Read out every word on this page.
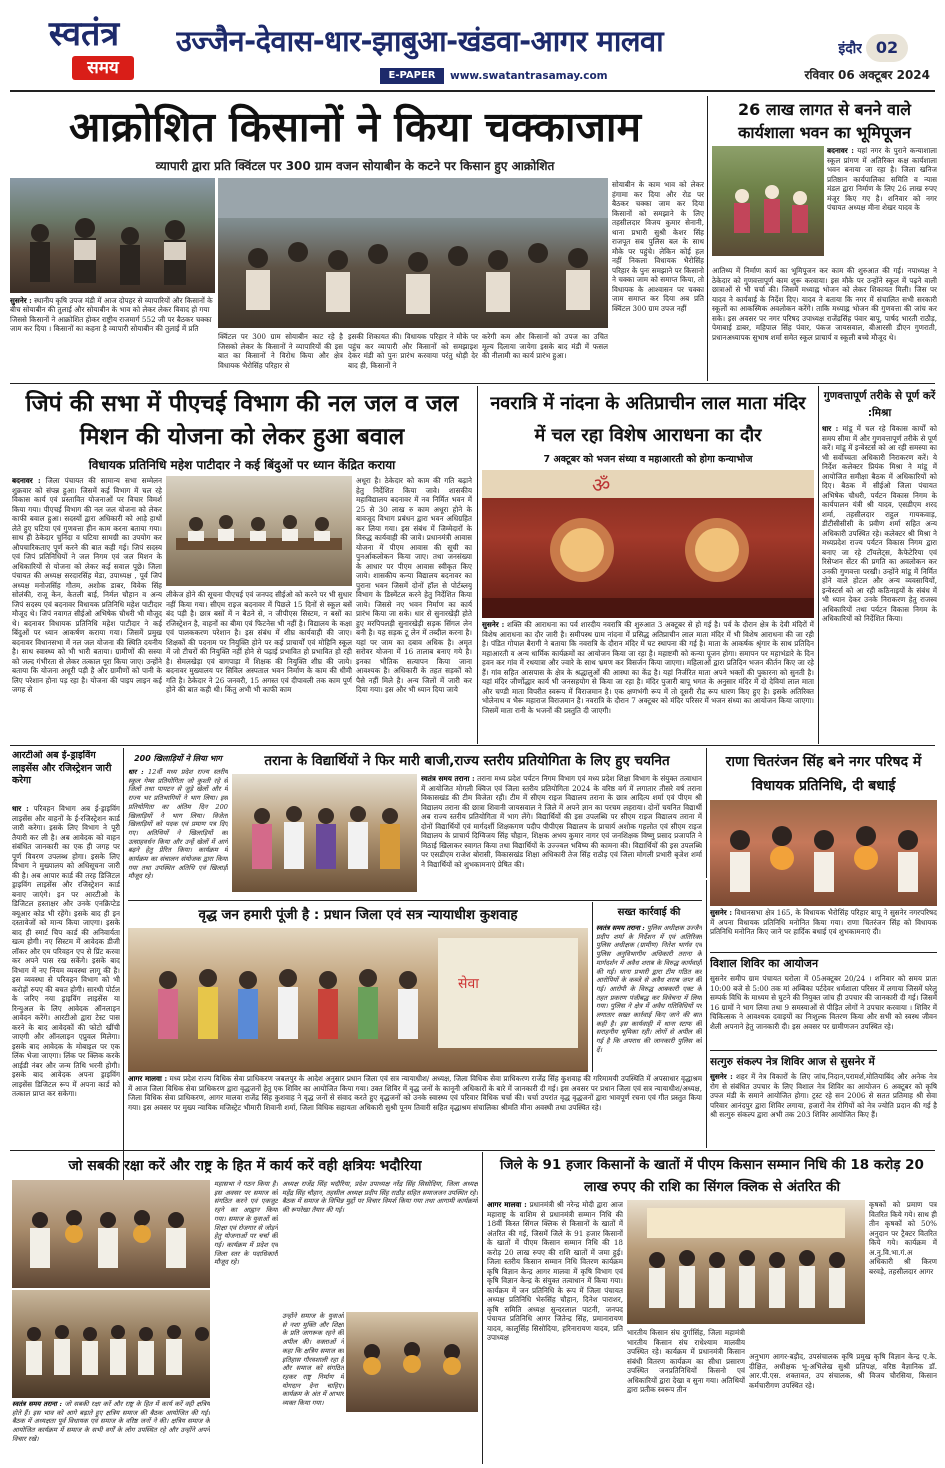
स्वतंत्र
समय
उज्जैन-देवास-धार-झाबुआ-खंडवा-आगर मालवा	इंदौर 02
E-PAPER	www.swatantrasamay.com	रविवार 06 अक्टूबर 2024
आक्रोशित किसानों ने किया चक्काजाम
व्यापारी द्वारा प्रति क्विंटल पर 300 ग्राम वजन सोयाबीन के कटने पर किसान हुए आक्रोशित
सोयाबीन के काम भाव को लेकर हंगामा कर दिया और रोड पर बैठकर चक्का जाम कर दिया किसानों को समझाने के लिए तहसीलदार विजय कुमार सेनानी, थाना प्रभारी सुश्री केशर सिंह राजपूत सब पुलिस बल के साथ मौके पर पहुंचे। लेकिन कोई हल नहीं निकला विधायक भैरोसिंह परिहार के पुनः समझाने पर किसानो ने चक्का जाम को समाप्त किया, तो विधायक के आश्वासन पर चक्का जाम समाप्त कर दिया अब प्रति क्विंटल 300 ग्राम उपज नहीं
सुसनेर : स्थानीय कृषि उपज मंडी में आज दोपहर से व्यापारियों और किसानों के बीच सोयाबीन की तुलाई और सोयाबीन के भाव को लेकर लेकर विवाद हो गया जिससे किसानों ने आक्रोशित होकर राष्ट्रीय राजमार्ग 552 जी पर बैठकर चक्का जाम कर दिया । किसानों का कहना है व्यापारी सोयाबीन की तुलाई में प्रति
क्विंटल पर 300 ग्राम सोयाबीन काट रहे है जिसको लेकर के किसानों ने व्यापारियों की इस बात का किसानों ने विरोध किया और क्षेत्र विधायक भैरोसिंह परिहार से
इसकी शिकायत की। विधायक परिहार ने मौके पर पहुंच कर व्यापारी और किसानों को समझाइश देकर मंडी को पुनः प्रारंभ करवाया परंतु थोड़ी देर बाद ही, किसानों ने
करेगी कम और किसानों को उपज का उचित मूल्य दिलाया जायेगा इसके बाद मंडी में फसल की नीलामी का कार्य प्रारंभ हुआ।
26 लाख लागत से बनने वाले कार्यशाला भवन का भूमिपूजन
बदनावर : यहां नगर के पुराने कन्याशाला स्कूल प्रांगण में अतिरिक्त कक्ष कार्यशाला भवन बनाया जा रहा है। जिला खनिज प्रतिष्ठान कार्यपालिका समिति व न्यास मंडल द्वारा निर्माण के लिए 26 लाख रुपए मंजूर किए गए है। शनिवार को नगर पंचायत अध्यक्ष मीना शेखर यादव के
आतिथ्य में निर्माण कार्य का भूमिपूजन कर काम की शुरुआत की गई। नपाध्यक्ष ने ठेकेदार को गुणवत्तापूर्ण काम शुरू करवाया। इस मौके पर उन्होंने स्कूल में पढ़ने वाली छात्राओं से भी चर्चा की। जिसमें मध्याह्न भोजन को लेकर शिकायत मिली। जिस पर यादव ने कार्यवाई के निर्देश दिए। यादव ने बताया कि नगर में संचालित सभी सरकारी स्कूलों का आकस्मिक अवलोकन करेंगे। ताकि मध्याह्न भोजन की गुणवत्ता की जांच कर सके। इस अवसर पर नगर परिषद उपाध्यक्ष राजेंद्रसिंह पंवार बापू, पार्षद भारती राठौड़, पेमाबाई डाबर, महिपाल सिंह पंवार, पंकज जायसवाल, बीआरसी डीएन गुणराती, प्रधानअध्यापक सुभाष शर्मा समेत स्कूल प्राचार्य व स्कूली बच्चे मौजूद थे।
जिपं की सभा में पीएचई विभाग की नल जल व जल मिशन की योजना को लेकर हुआ बवाल
विधायक प्रतिनिधि महेश पाटीदार ने कई बिंदुओं पर ध्यान केंद्रित कराया
बदनावर : जिला पंचायत की सामान्य सभा सम्मेलन शुक्रवार को संपन्न हुआ। जिसमें कई विभाग में चल रहे विकास कार्य एवं प्रस्तावित योजनाओं पर विचार विमर्श किया गया। पीएचई विभाग की नल जल योजना को लेकर काफी बवाल हुआ। सदस्यों द्वारा अधिकारी को आड़े हाथों लेते हुए घटिया एवं गुणवत्ता हीन काम करना बताया गया। साथ ही ठेकेदार चुनिंदा व घटिया सामग्री का उपयोग कर औपचारिकताए पूर्ण करने की बात कही गई। जिपं सदस्य एवं जिपं प्रतिनिधियों ने जल निगम एवं जल मिशन के अधिकारियों से योजना को लेकर कई सवाल पूछे। जिला पंचायत की अध्यक्ष सरदारसिंह मेडा, उपाध्यक्ष , पूर्व जिपं अध्यक्ष मनोजसिंह गौतम, अशोक डाबर, विवेक सिंह सोलंकी, राजू केन, केतली बाई, निर्मल चौहान व अन्य जिपं सदस्य एवं बदनावर विधायक प्रतिनिधि महेश पाटीदार मौजूद थे। जिपं नवागत सीईओ अभिषेक चौधरी भी मौजूद थे। बदनावर विधायक प्रतिनिधि महेश पाटीदार ने कई बिंदुओं पर ध्यान आकर्षण कराया गया। जिसमें प्रमुख बदनावर विधानसभा में नल जल योजना की स्थिति दयनीय है। साथ स्वास्थ्य को भी भारी बताया। ग्रामीणों की सस्या को जल्द गंभीरता से लेकर तत्काल पूरा किया जाए। उन्होंने बताया कि योजना अधूरी पड़ी है और ग्रामीणों को पानी के लिए परेशान होना पड़ रहा है। योजना की पाइप लाइन कई जगह से
अधूरा है। ठेकेदार को काम की गति बढ़ाने हेतु निर्देशित किया जावे। शासकीय महाविद्यालय बदनावर में नव निर्मित भवन में 25 से 30 लाख रु काम अधूरा होने के बावजूद विभाग प्रबंधन द्वारा भवन अधिग्रहित कर लिया गया। इस संबंध में जिम्मेदारों के विरुद्ध कार्यवाही की जावे। प्रधानमंत्री आवास योजना में पीएम आवास की सूची का पुनर्आकलोकन किया जाए। तथा जनसंख्या के आधार पर पीएम आवास स्वीकृत किए जाये। शासकीय कन्या विद्यालय बदनावर का पुराना भवन जिसमें दोनों हॉल से पोर्टब्लयू विभाग के डिस्मेंटल करने हेतु निर्देशित किया जाये। जिससे नए भवन निर्माण का कार्य प्रारंभ किया जा सके। धार से सुनारखेड़ी होते हुए मरपिपलड़ी सुनारखेड़ी सड़क सिंगल लेन बनी है। यह सड़क टू लेन में तब्दील करना है। यहां पर जाम का दबाव अधिक है। अमृत सरोवर योजना में 16 तालाब बनाए गये है। इनका भौतिक सत्यापन किया जाना आवश्यक है। अधिकारी के तहत सड़कों को पैसे नहीं मिले है। अन्य जिलों में जारी कर दिया गया। इस और भी ध्यान दिया जाये
लीकेज होने की सूचना पीएचई एवं जनपद सीईओ को करने पर भी सुधार नहीं किया गया। सीएम राइज बदनावर में पिछले 15 दिनों से स्कूल बसें बंद पड़ी है। छात्र बसों में न बैठने से, न जीपीएस सिस्टम, न बसों का रजिस्ट्रेशन है, वाहनों का बीमा एवं फिटनेस भी नहीं है। विद्यालय के कक्षा एवं पालककरण परेशान है। इस संबंध में शीघ्र कार्यवाही की जाए। शिक्षकों की पदनाम पर नियुक्ति होने पर कई प्राचार्यों एवं मोहिनि स्कूल में जो टीचरों की नियुक्ति नहीं होने से पढ़ाई प्रभावित हो प्रभावित हो रही है। सेमलखेड़ा एवं बागपाड़ा में शिक्षक की नियुक्ति शीघ्र की जाये। बदनावर मुख्यालय पर सिविल अस्पताल भवन निर्माण के काम की धीमी गति है। ठेकेदार ने 26 जनवरी, 15 अगस्त एवं दीपावली तक काम पूर्ण होने की बात कही थी। किंतु अभी भी काफी काम
नवरात्रि में नांदना के अतिप्राचीन लाल माता मंदिर में चल रहा विशेष आराधना का दौर
7 अक्टूबर को भजन संध्या व महाआरती को होगा कन्याभोज
ॐ
सुसनेर : शक्ति की आराधना का पर्व शारदीय नवरात्रि की शुरुआत 3 अक्टूबर से हो गई है। पर्व के दौरान क्षेत्र के देवी मंदिरों में विशेष आराधना का दौर जारी है। समीपस्थ ग्राम नांदना में प्रसिद्ध अतिप्राचीन लाल माता मंदिर में भी विशेष आराधना की जा रही है। पंडित गोपाल बैरागी ने बताया कि नवरात्रि के दौरान मंदिर में घट स्थापना की गई है। माता के आकर्षक श्रृंगार के साथ प्रतिदिन महाआरती व अन्य धार्मिक कार्यक्रमों का आयोजन किया जा रहा है। महाष्टमी को कन्या पूजन होगा। समापन पर महाभंडारे के दिन हवन कर गांव में रथयात्रा और ज्वारे के साथ भ्रमण कर विसर्जन किया जाएगा। महिलाओं द्वारा प्रतिदिन भजन कीर्तन किए जा रहे हैं। गांव सहित आसपास के क्षेत्र के श्रद्धालुओं की आस्था का केंद्र है। यहां निर्जरित माता अपने भक्तों की पुकारना को सुनती है। यहां मंदिर जीर्णोद्धार कार्य भी जनसहयोग से किया जा रहा है। मंदिर पुजारी बापू भगत के अनुसार मंदिर में दो देवियां लाल माता और चण्डी माता विपरीत स्वरूप में विराजमान है। एक क्षणभंगी रूप में तो दूसरी रौद्र रूप धारण किए हुए है। इसके अतिरिक्त भोलेनाथ व भैरू महाराज विराजमान है। नवरात्रि के दौरान 7 अक्टूबर को मंदिर परिसर में भजन संध्या का आयोजन किया जाएगा। जिसमें माता रानी के भजनों की प्रस्तुति दी जाएगी।
गुणवत्तापूर्ण तरीके से पूर्ण करें :मिश्रा
धार : मांडू में चल रहे विकास कार्यों को समय सीमा में और गुणवत्तापूर्ण तरीके से पूर्ण करें। मांडू में इन्वेस्टर्स को आ रही समस्या का भी सर्वोच्चता अधिकारी निराकरण करें। ये निर्देश कलेक्टर प्रियंक मिश्रा ने मांडू में आयोजित समीक्षा बैठक में अधिकारियों को दिए। बैठक में सीईओ जिला पंचायत अभिषेक चौधरी, पर्यटन विकास निगम के कार्यपालन यंत्री श्री यादव, एसडीएम शरद शर्मा, तहसीलदार राहुल गायकवाड़, डीटीसीसीसी के प्रवीण शर्मा सहित अन्य अधिकारी उपस्थित रहे। कलेक्टर श्री मिश्रा ने मध्यप्रदेश राज्य पर्यटन विकास निगम द्वारा बनाए जा रहे टॉयलेट्स, कैफेटेरिया एवं रिसेप्शन सेंटर की प्रगति का अवलोकन कर उनकी गुणवत्ता परखी। उन्होंने मांडू में निर्मित होने वाले होटल और अन्य व्यवसायियों, इन्वेस्टर्स को आ रही कठिनाइयों के संबंध में भी ध्यान देकर उनके निराकरण हेतु राजस्व अधिकारियों तथा पर्यटन विकास निगम के अधिकारियों को निर्देशित किया।
आरटीओ अब ई-ड्राइविंग लाइसेंस और रजिस्ट्रेशन जारी करेगा
धार : परिवहन विभाग अब ई-ड्राइविंग लाइसेंस और वाहनों के ई-रजिस्ट्रेशन कार्ड जारी करेगा। इसके लिए विभाग ने पूरी तैयारी कर ली है। अब आवेदक को वाहन संबंधित जानकारी का एक ही जगह पर पूर्ण विवरण उपलब्ध होगा। इसके लिए विभाग ने मुख्यालय को अधिसूचना जारी की है। अब आपार कार्ड की तरह डिजिटल ड्राइविंग लाइसेंस और रजिस्ट्रेशन कार्ड बनाए जाएंगे। इन पर आरटीओ के डिजिटल हस्ताक्षर और उनके एनक्रिप्टेड क्यूआर कोड भी रहेंगे। इसके बाद ही इन दस्तावेजों को मान्य किया जाएगा। इसके बाद ही स्मार्ट चिप कार्ड की अनिवार्यता खत्म होगी। नए सिस्टम में आवेदक डीजी लॉकर और एम परिवहन एप से प्रिंट करवा कर अपने पास रख सकेंगे। इसके बाद विभाग में नए नियम व्यवस्था लागू की है। इस व्यवस्था से परिवहन विभाग को भी करोड़ों रुपए की बचत होगी। सारथी पोर्टल के जरिए नया ड्राइविंग लाइसेंस या रिन्युअल के लिए आवेदक ऑनलाइन आवेदन करेंगे। आरटीओ द्वारा टेस्ट पास करने के बाद आवेदकों की फोटो खींची जाएगी और ऑनलाइन एप्रुवल मिलेगा। इसके बाद आवेदक के मोबाइल पर एक लिंक भेजा जाएगा। लिंक पर क्लिक करके आईडी नंबर और जन्म तिथि भरनी होगी। इसके बाद आवेदक अपना ड्राइविंग लाइसेंस डिजिटल रूप में अपना कार्ड को तत्काल प्राप्त कर सकेगा।
200 खिलाड़ियों ने लिया भाग
धार : 12वीं मध्य प्रदेश राज्य स्तरीय स्कूल गेम्स प्रतियोगिता जो कुश्ती रहे से जिलों तथा पायटन से जुड़े खेलों और में राज्य भर प्रतिभागियों ने भाग लिया। इस प्रतियोगिता का अंतिम दिन 200 खिलाड़ियों ने भाग लिया। विजेता खिलाड़ियों को पदक एवं प्रमाण पत्र दिए गए। अतिथियों ने खिलाड़ियों का उत्साहवर्धन किया और उन्हें खेलों में आगे बढ़ने हेतु प्रेरित किया। कार्यक्रम में कार्यक्रम का संचालन संयोजक द्वारा किया गया तथा उपस्थित अतिथि एवं खिलाड़ी मौजूद रहे।
तराना के विद्यार्थियों ने फिर मारी बाजी,राज्य स्तरीय प्रतियोगिता के लिए हुए चयनित
स्वतंत्र समय तराना : तराना मध्य प्रदेश पर्यटन निगम विभाग एवं मध्य प्रदेश शिक्षा विभाग के संयुक्त तत्वाधान में आयोजित मोगली क्विज एवं जिला स्तरीय प्रतियोगिता 2024 के वरिष्ठ वर्ग में लगातार तीसरे वर्ष तराना विकासखंड की टीम विजेता रही। टीम में सीएम राइज विद्यालय तराना के छात्र आदित्य शर्मा एवं पीएम श्री विद्यालय तराना की छात्रा शिवानी जायसवाल ने जिले में अपने ज्ञान का परचम लहराया। दोनों चयनित विद्यार्थी अब राज्य स्तरीय प्रतियोगिता में भाग लेंगे। विद्यार्थियों की इस उपलब्धि पर सीएम राइज विद्यालय तराना में दोनों विद्यार्थियों एवं मार्गदर्शी शिक्षकगण पदीप पीपीएस विद्यालय के प्राचार्य अशोक गहलोत एवं सीएम राइज विद्यालय के प्राचार्य दिग्विजय सिंह चौहान, शिक्षक अभय कुमार नागर एवं जनशिक्षक विष्णु प्रसाद प्रजापति ने मिठाई खिलाकर स्वागत किया तथा विद्यार्थियों के उज्ज्वल भविष्य की कामना की। विद्यार्थियों की इस उपलब्धि पर एसडीएम राजेश बोरासी, विकासखंड शिक्षा अधिकारी तेज सिंह राठौड़ एवं जिला मोगली प्रभारी बृजेश शर्मा ने विद्यार्थियों को शुभकामनाएं प्रेषित की।
राणा चितरंजन सिंह बने नगर परिषद में विधायक प्रतिनिधि, दी बधाई
सुसनेर : विधानसभा क्षेत्र 165, के विधायक भैरोसिंह परिहार बापू ने सुसनेर नगरपरिषद में अपना विधायक प्रतिनिधि मनोनित किया गया। राणा चितरंजन सिंह को विधायक प्रतिनिधि मनोनित किए जाने पर हार्दिक बधाई एवं शुभकामनाएं दी।
विशाल शिविर का आयोजन
सुसनेर समीप ग्राम पंचायत घरोला में 05अक्टूबर 20/24 । शनिवार को समय प्रातः 10:00 बजे से 5:00 तक मां अम्बिका पर्टदेवर धर्मशाला परिसर में लगाया जिसमें घरेलु सम्पर्क विधि के माध्यम से घुटने की नियुक्त जांच ही उपचार की जानकारी दी गई। जिसमें 16 ग्रामों ने भाग लिया तथा 9 समस्याओं से पीड़ित लोगों ने उपचार करवाया । शिविर में चिकित्सक ने आवश्यक दवाइयों का निःशुल्क वितरण किया और सभी को स्वस्थ जीवन शैली अपनाने हेतु जानकारी दी। इस अवसर पर ग्रामीणजन उपस्थित रहे।
सत्गुरु संकल्प नेत्र शिविर आज से सुसनेर में
सुसनेर : शहर में नेत्र विकारों के लिए जांच,निदान,परामर्श,मोतियाबिंद और अनेक नेत्र रोग से संबंधित उपचार के लिए विशाल नेत्र शिविर का आयोजन 6 अक्टूबर को कृषि उपज मंडी के समाने आयोजित होगा। ट्रस्ट रहे सन 2006 से सतत प्रतिमाह श्री सेवा परिवार आनंदपुर द्वारा शिविर लगाया, हजारों नेत्र रोगियों को नेत्र ज्योति प्रदान की गई है श्री सत्गुरु संकल्प द्वारा अभी तक 203 शिविर आयोजित किए हैं।
वृद्ध जन हमारी पूंजी है : प्रधान जिला एवं सत्र न्यायाधीश कुशवाह
सेवा
आगर मालवा : मध्य प्रदेश राज्य विधिक सेवा प्राधिकरण जबलपुर के आदेश अनुसार प्रधान जिला एवं सत्र न्यायाधीश/ अध्यक्ष, जिला विधिक सेवा प्राधिकरण राजेंद्र सिंह कुशवाह की गरिमामयी उपस्थिति में अपसाधार वृद्धाश्रम में आज जिला विधिक सेवा प्राधिकरण द्वारा वृद्धजनों हेतु एक शिविर का आयोजित किया गया। उक्त शिविर में वृद्ध जनों के कानूनी अधिकारों के बारे में जानकारी दी गई। इस अवसर पर प्रधान जिला एवं सत्र न्यायाधीश/अध्यक्ष, जिला विधिक सेवा प्राधिकरण, आगर मालवा राजेंद्र सिंह कुशवाह ने वृद्ध जनों से संवाद करते हुए वृद्धजनों को उनके स्वास्थ्य एवं परिवार विधिक चर्चा की। चर्चा उपरांत वृद्ध वृद्धजनों द्वारा भावपूर्ण रचना एवं गीत प्रस्तुत किया गया। इस अवसर पर मुख्य न्यायिक मजिस्ट्रेट भीमारी शिवानी शर्मा, जिला विधिक सहायता अधिकारी सुश्री पूनम तिवारी सहित वृद्धाश्रम संचालिका श्रीमति मीना अवस्थी तथा उपस्थित रहे।
सख्त कार्रवाई की
स्वतंत्र समय तराना : पुलिस अधीक्षक उज्जैन प्रदीप शर्मा के निर्देशन में एवं अतिरिक्त पुलिस अधीक्षक (ग्रामीण) नितेश भार्गव एवं पुलिस अनुविभागीय अधिकारी तराना के मार्गदर्शन में अवैध शराब के विरुद्ध कार्यवाही की गई। थाना प्रभारी द्वारा टीम गठित कर आरोपियों के कब्जे से अवैध शराब जप्त की गई। आरोपी के विरुद्ध आबकारी एक्ट के तहत प्रकरण पंजीबद्ध कर विवेचना में लिया गया। पुलिस ने क्षेत्र में अवैध गतिविधियों पर लगातार सख्त कार्रवाई किए जाने की बात कही है। इस कार्यवाही में थाना स्टाफ की सराहनीय भूमिका रही। लोगों से अपील की गई है कि अपराध की जानकारी पुलिस को दें।
जो सबकी रक्षा करें और राष्ट्र के हित में कार्य करें वही क्षत्रियः भदौरिया
स्वतंत्र समय तराना : जो सबकी रक्षा करें और राष्ट्र के हित में कार्य करें वही क्षत्रिय होते हैं। इस भाव को आगे बढ़ाते हुए क्षत्रिय समाज की बैठक आयोजित की गई। बैठक में अध्यक्षता पूर्व विधायक एवं समाज के वरिष्ठ जनों ने की। क्षत्रिय समाज के आयोजित कार्यक्रम में समाज के सभी वर्गों के लोग उपस्थित रहे और उन्होंने अपने विचार रखे।
महासभा ने गठन किया है। इस अवसर पर समाज को संगठित करने एवं एकजुट रहने का आह्वान किया गया। समाज के युवाओं को शिक्षा एवं रोजगार से जोड़ने हेतु योजनाओं पर चर्चा की गई। कार्यक्रम में प्रदेश एवं जिला स्तर के पदाधिकारी मौजूद रहे।
अध्यक्ष राजेंद्र सिंह भदौरिया, प्रदेश उपाध्यक्ष नरेंद्र सिंह सिसोदिया, जिला अध्यक्ष महेंद्र सिंह चौहान, तहसील अध्यक्ष प्रदीप सिंह राठौड़ सहित समाजजन उपस्थित रहे। बैठक में समाज के विभिन्न मुद्दों पर विचार विमर्श किया गया तथा आगामी कार्यक्रमों की रूपरेखा तैयार की गई।
उन्होंने समाज के युवाओं से नशा मुक्ति और शिक्षा के प्रति जागरूक रहने की अपील की। वक्ताओं ने कहा कि क्षत्रिय समाज का इतिहास गौरवशाली रहा है और समाज को संगठित रहकर राष्ट्र निर्माण में योगदान देना चाहिए। कार्यक्रम के अंत में आभार व्यक्त किया गया।
जिले के 91 हजार किसानों के खातों में पीएम किसान सम्मान निधि की 18 करोड़ 20 लाख रुपए की राशि का सिंगल क्लिक से अंतरित की
आगर मालवा : प्रधानमंत्री श्री नरेन्द्र मोदी द्वारा आज महाराष्ट्र के वाशिम से प्रधानमंत्री सम्मान निधि की 18वीं किस्त सिंगल क्लिक से किसानों के खातों में अंतरित की गई, जिसमें जिले के 91 हजार किसानों के खातों में पीएम किसान सम्मान निधि की 18 करोड़ 20 लाख रुपए की राशि खातों में जमा हुई। जिला स्तरीय किसान सम्मान निधि वितरण कार्यक्रम कृषि विज्ञान केन्द्र आगर मालवा में कृषि विभाग एवं कृषि विज्ञान केन्द्र के संयुक्त तत्वाधान में किया गया। कार्यक्रम में जन प्रतिनिधि के रूप में जिला पंचायत अध्यक्ष प्रतिनिधि भेरुसिंह चौहान, दिनेश पाराशर, कृषि समिति अध्यक्ष सुन्दरलाल पाटनी, जनपद पंचायत प्रतिनिधि आगर जितेन्द्र सिंह, प्रमानारायण यादव, कालूसिंह सिसोदिया, हरिनारायण यादव, प्रति उपाध्यक्ष
कृषकों को प्रमाण पत्र वितरित किये गये। साथ ही तीन कृषकों को 50% अनुदान पर ट्रैक्टर वितरित किये गये। कार्यक्रम में अ.नु.वि.भा.गं.अ अधिकारी श्री किरण बरवड़े, तहसीलदार आगर
भारतीय किसान संघ दुर्गासिंह, जिला महामंत्री भारतीय किसान संघ राधेश्याम मालवीय उपस्थित रहे। कार्यक्रम में प्रधानमंत्री किसान संबंधी वितरण कार्यक्रम का सीधा प्रसारण उपस्थित जनप्रतिनिधियों किसनो एवं अधिकारियों द्वारा देखा व सुना गया। अतिथियों द्वारा प्रतीक स्वरूप तीन
अनुभाग आगर-बड़ौद, उपसंचालक कृषि प्रमुख कृषि विज्ञान केन्द्र ए.के. दीक्षित, अधीक्षक भू-अभिलेख सुश्री प्रतिपक्ष, वरिष्ठ वैज्ञानिक डॉ. आर.पी.एस. शक्तावत, उप संचालक, श्री विजय चौरसिया, किसान कर्मचारीगण उपस्थित रहे।
